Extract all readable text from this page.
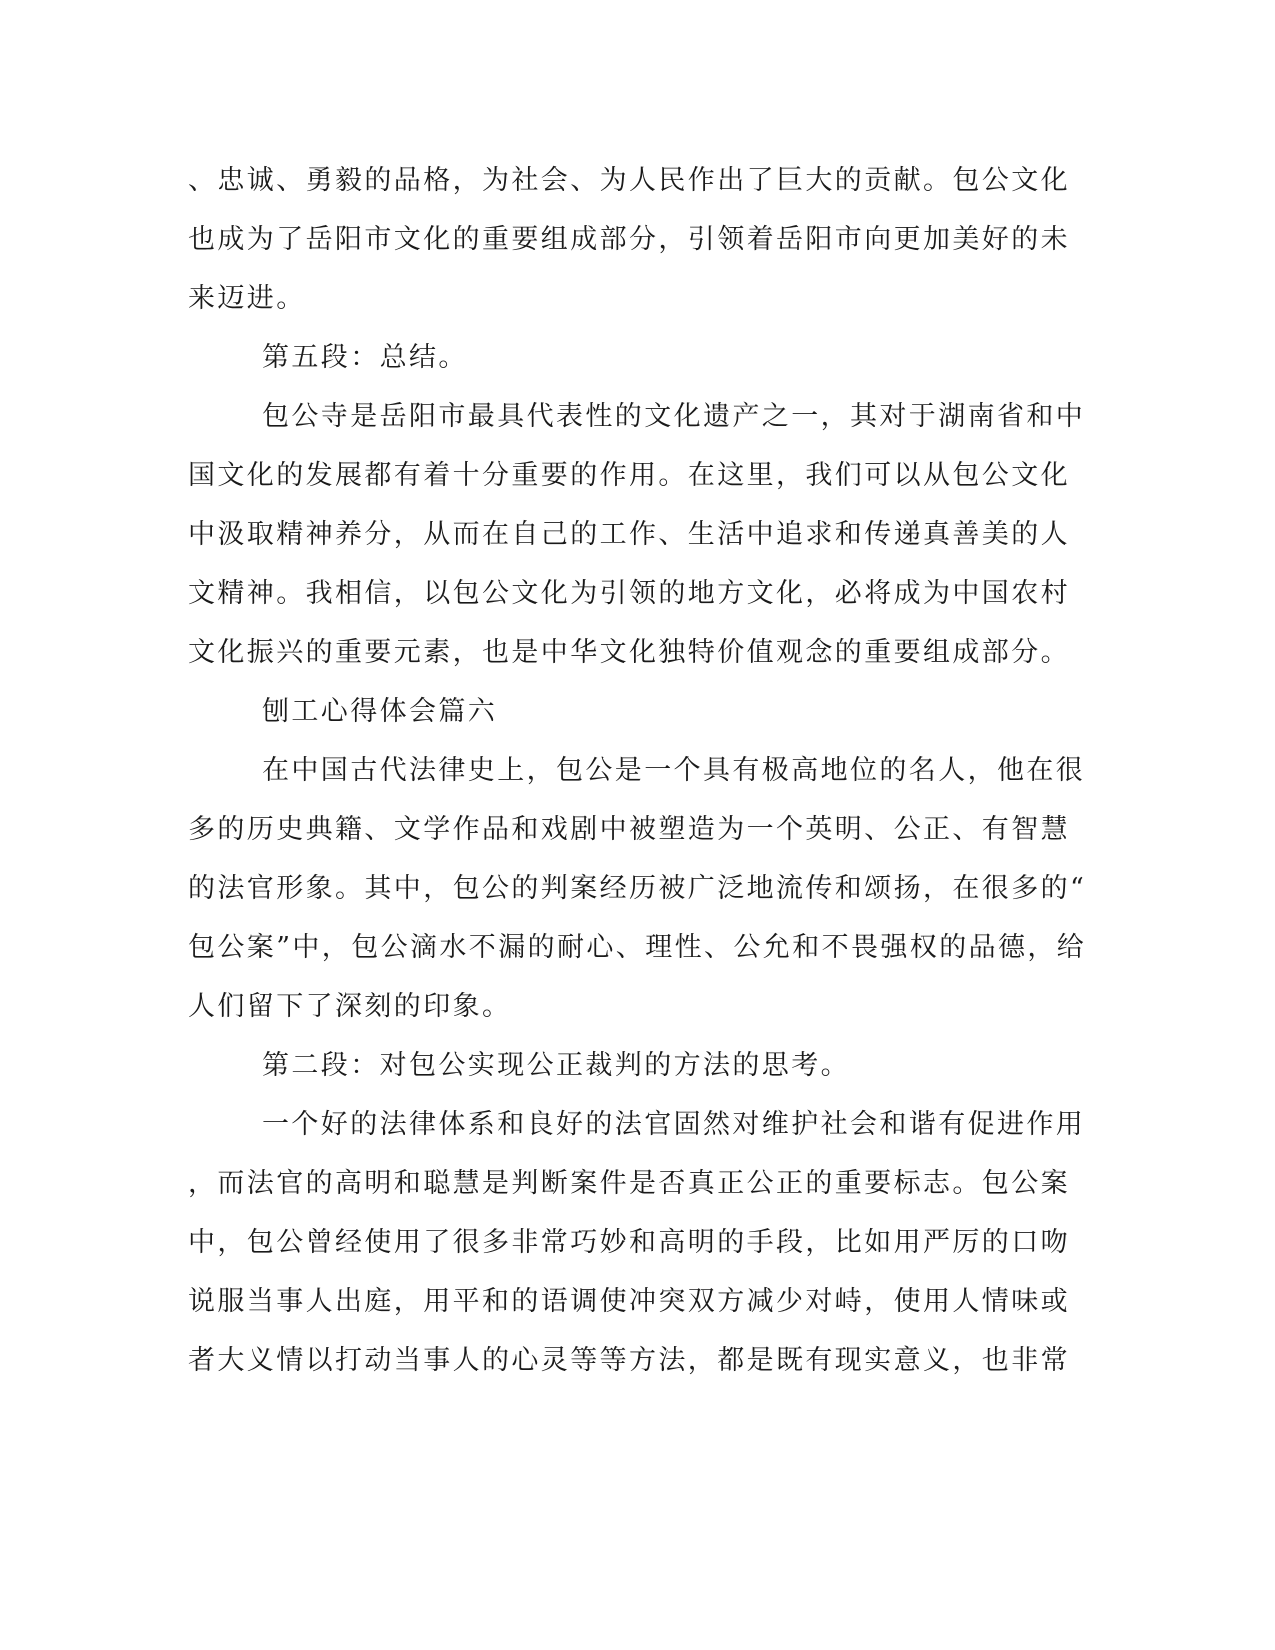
、忠诚、勇毅的品格，为社会、为人民作出了巨大的贡献。包公文化
也成为了岳阳市文化的重要组成部分，引领着岳阳市向更加美好的未
来迈进。
第五段：总结。
包公寺是岳阳市最具代表性的文化遗产之一，其对于湖南省和中
国文化的发展都有着十分重要的作用。在这里，我们可以从包公文化
中汲取精神养分，从而在自己的工作、生活中追求和传递真善美的人
文精神。我相信，以包公文化为引领的地方文化，必将成为中国农村
文化振兴的重要元素，也是中华文化独特价值观念的重要组成部分。
刨工心得体会篇六
在中国古代法律史上，包公是一个具有极高地位的名人，他在很
多的历史典籍、文学作品和戏剧中被塑造为一个英明、公正、有智慧
的法官形象。其中，包公的判案经历被广泛地流传和颂扬，在很多的“
包公案”中，包公滴水不漏的耐心、理性、公允和不畏强权的品德，给
人们留下了深刻的印象。
第二段：对包公实现公正裁判的方法的思考。
一个好的法律体系和良好的法官固然对维护社会和谐有促进作用
，而法官的高明和聪慧是判断案件是否真正公正的重要标志。包公案
中，包公曾经使用了很多非常巧妙和高明的手段，比如用严厉的口吻
说服当事人出庭，用平和的语调使冲突双方减少对峙，使用人情味或
者大义情以打动当事人的心灵等等方法，都是既有现实意义，也非常
